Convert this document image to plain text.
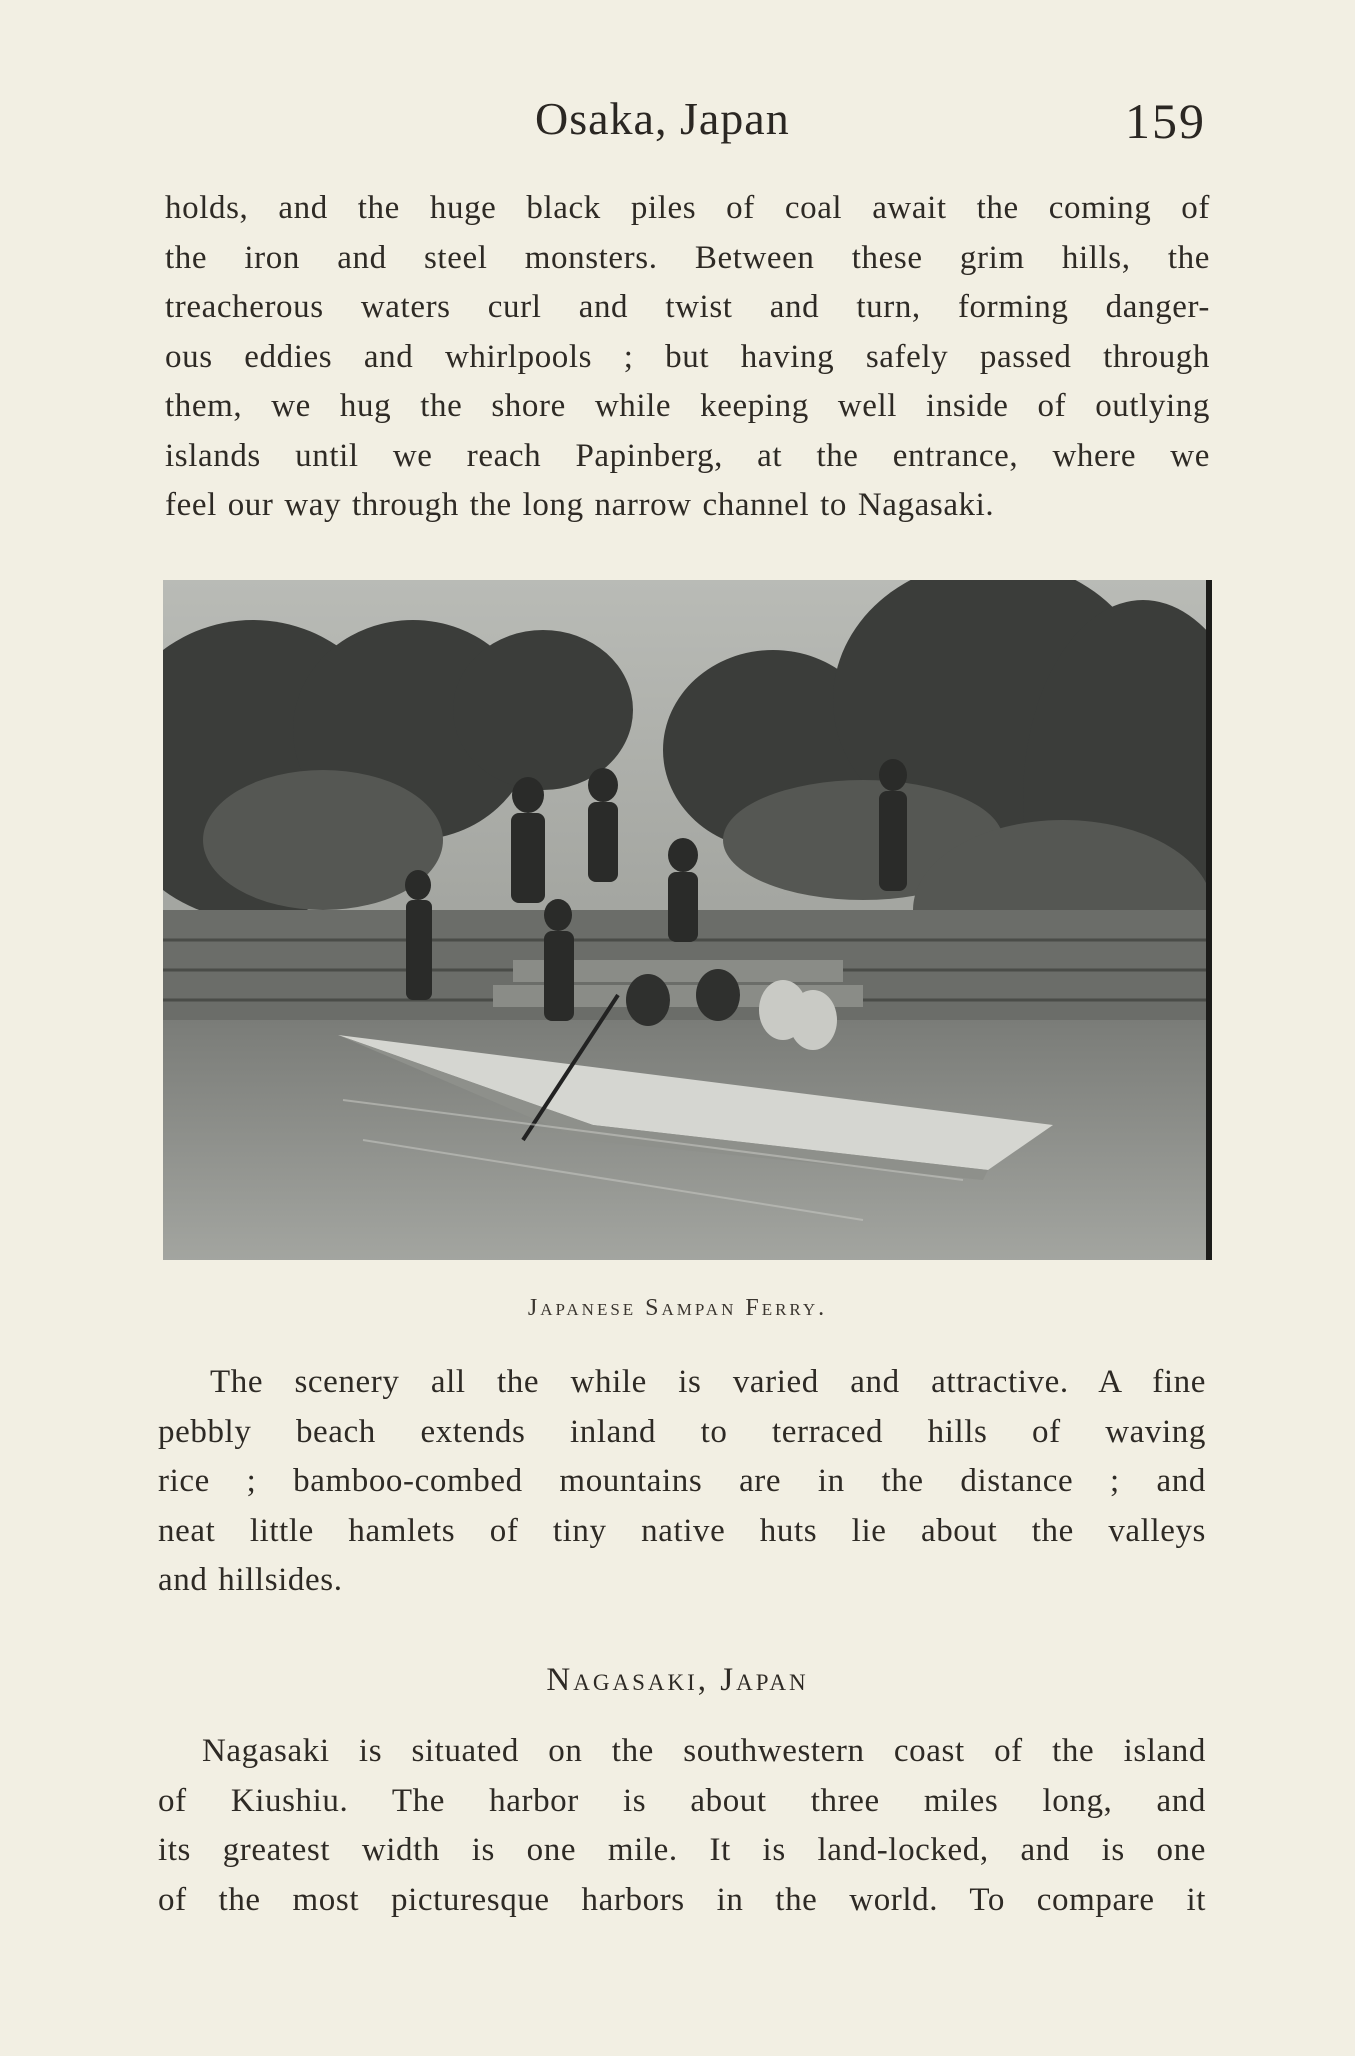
Osaka, Japan	159
holds, and the huge black piles of coal await the coming of
the iron and steel monsters. Between these grim hills, the
treacherous waters curl and twist and turn, forming danger-
ous eddies and whirlpools ; but having safely passed through
them, we hug the shore while keeping well inside of outlying
islands until we reach Papinberg, at the entrance, where we
feel our way through the long narrow channel to Nagasaki.
Japanese Sampan Ferry.
The scenery all the while is varied and attractive. A fine
pebbly beach extends inland to terraced hills of waving
rice ; bamboo-combed mountains are in the distance ; and
neat little hamlets of tiny native huts lie about the valleys
and hillsides.
Nagasaki, Japan
Nagasaki is situated on the southwestern coast of the island
of Kiushiu. The harbor is about three miles long, and
its greatest width is one mile. It is land-locked, and is one
of the most picturesque harbors in the world. To compare it
